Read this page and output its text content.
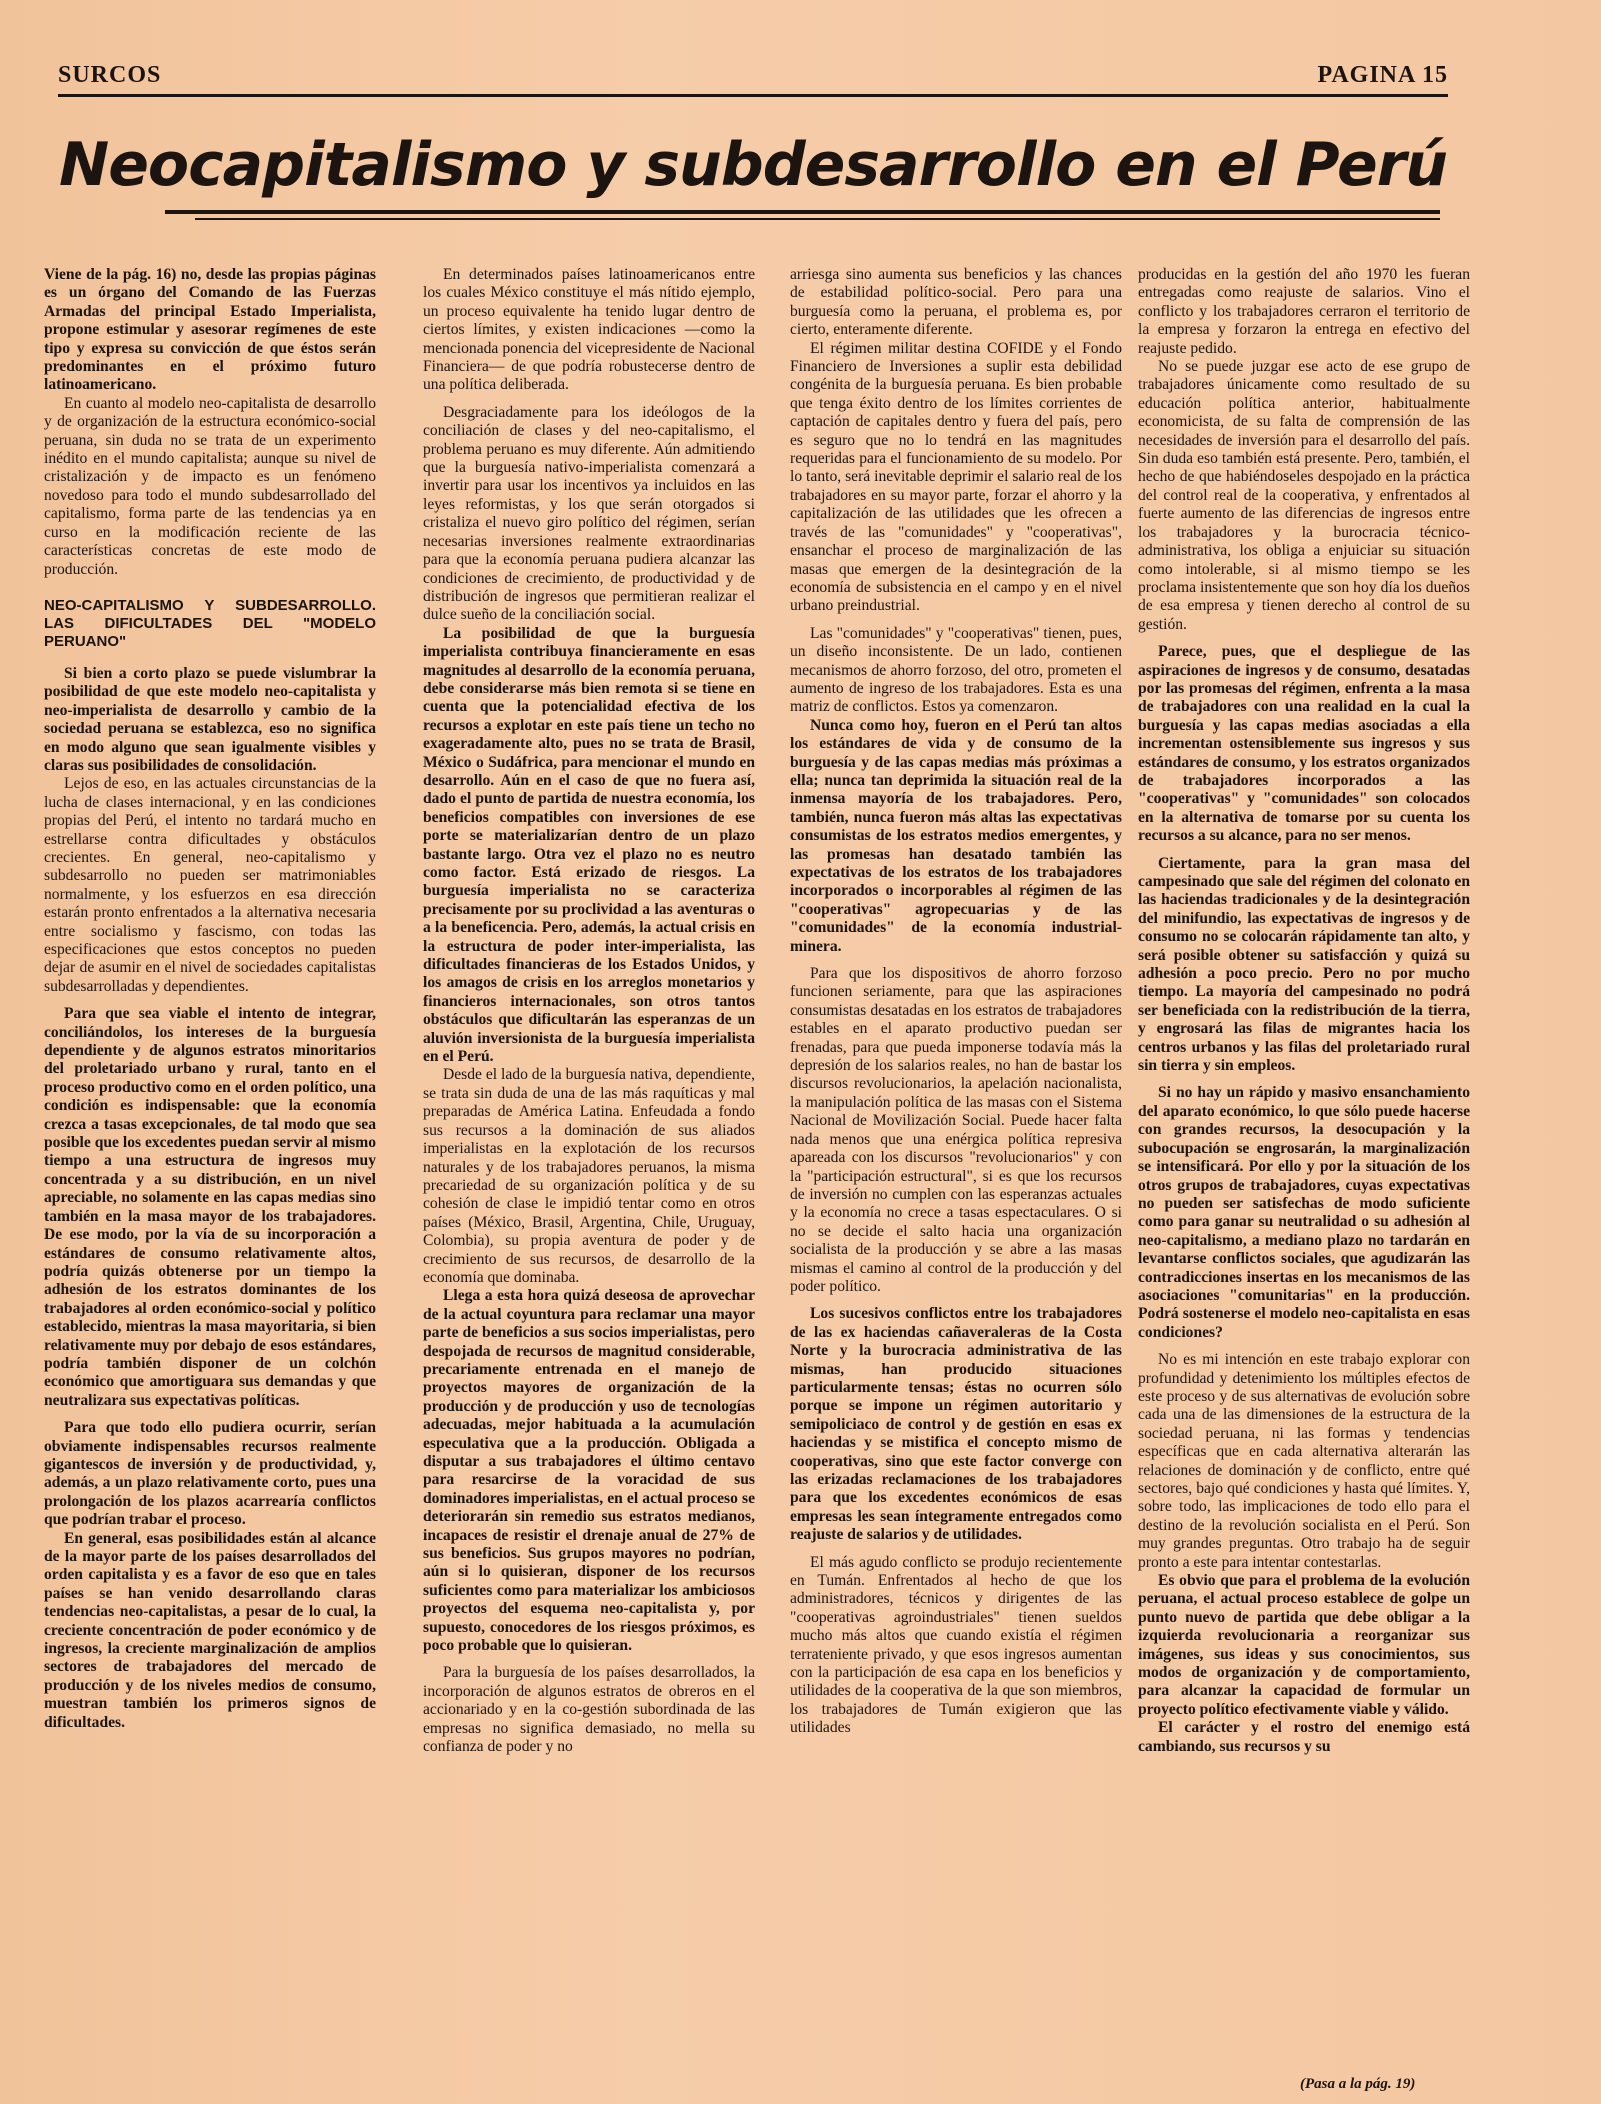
SURCOS	PAGINA 15
Neocapitalismo y subdesarrollo en el Perú

Viene de la pág. 16) no, desde las propias páginas es un órgano del Comando de las Fuerzas Armadas del principal Estado Imperialista, propone estimular y asesorar regímenes de este tipo y expresa su convicción de que éstos serán predominantes en el próximo futuro latinoamericano.

En cuanto al modelo neo-capitalista de desarrollo y de organización de la estructura económico-social peruana, sin duda no se trata de un experimento inédito en el mundo capitalista; aunque su nivel de cristalización y de impacto es un fenómeno novedoso para todo el mundo subdesarrollado del capitalismo, forma parte de las tendencias ya en curso en la modificación reciente de las características concretas de este modo de producción.

NEO-CAPITALISMO Y SUBDESARROLLO. LAS DIFICULTADES DEL "MODELO PERUANO"

Si bien a corto plazo se puede vislumbrar la posibilidad de que este modelo neo-capitalista y neo-imperialista de desarrollo y cambio de la sociedad peruana se establezca, eso no significa en modo alguno que sean igualmente visibles y claras sus posibilidades de consolidación.

Lejos de eso, en las actuales circunstancias de la lucha de clases internacional, y en las condiciones propias del Perú, el intento no tardará mucho en estrellarse contra dificultades y obstáculos crecientes. En general, neo-capitalismo y subdesarrollo no pueden ser matrimoniables normalmente, y los esfuerzos en esa dirección estarán pronto enfrentados a la alternativa necesaria entre socialismo y fascismo, con todas las especificaciones que estos conceptos no pueden dejar de asumir en el nivel de sociedades capitalistas subdesarrolladas y dependientes.

Para que sea viable el intento de integrar, conciliándolos, los intereses de la burguesía dependiente y de algunos estratos minoritarios del proletariado urbano y rural, tanto en el proceso productivo como en el orden político, una condición es indispensable: que la economía crezca a tasas excepcionales, de tal modo que sea posible que los excedentes puedan servir al mismo tiempo a una estructura de ingresos muy concentrada y a su distribución, en un nivel apreciable, no solamente en las capas medias sino también en la masa mayor de los trabajadores. De ese modo, por la vía de su incorporación a estándares de consumo relativamente altos, podría quizás obtenerse por un tiempo la adhesión de los estratos dominantes de los trabajadores al orden económico-social y político establecido, mientras la masa mayoritaria, si bien relativamente muy por debajo de esos estándares, podría también disponer de un colchón económico que amortiguara sus demandas y que neutralizara sus expectativas políticas.

Para que todo ello pudiera ocurrir, serían obviamente indispensables recursos realmente gigantescos de inversión y de productividad, y, además, a un plazo relativamente corto, pues una prolongación de los plazos acarrearía conflictos que podrían trabar el proceso.

En general, esas posibilidades están al alcance de la mayor parte de los países desarrollados del orden capitalista y es a favor de eso que en tales países se han venido desarrollando claras tendencias neo-capitalistas, a pesar de lo cual, la creciente concentración de poder económico y de ingresos, la creciente marginalización de amplios sectores de trabajadores del mercado de producción y de los niveles medios de consumo, muestran también los primeros signos de dificultades.

En determinados países latinoamericanos entre los cuales México constituye el más nítido ejemplo, un proceso equivalente ha tenido lugar dentro de ciertos límites, y existen indicaciones —como la mencionada ponencia del vicepresidente de Nacional Financiera— de que podría robustecerse dentro de una política deliberada.

Desgraciadamente para los ideólogos de la conciliación de clases y del neo-capitalismo, el problema peruano es muy diferente. Aún admitiendo que la burguesía nativo-imperialista comenzará a invertir para usar los incentivos ya incluidos en las leyes reformistas, y los que serán otorgados si cristaliza el nuevo giro político del régimen, serían necesarias inversiones realmente extraordinarias para que la economía peruana pudiera alcanzar las condiciones de crecimiento, de productividad y de distribución de ingresos que permitieran realizar el dulce sueño de la conciliación social.

La posibilidad de que la burguesía imperialista contribuya financieramente en esas magnitudes al desarrollo de la economía peruana, debe considerarse más bien remota si se tiene en cuenta que la potencialidad efectiva de los recursos a explotar en este país tiene un techo no exageradamente alto, pues no se trata de Brasil, México o Sudáfrica, para mencionar el mundo en desarrollo. Aún en el caso de que no fuera así, dado el punto de partida de nuestra economía, los beneficios compatibles con inversiones de ese porte se materializarían dentro de un plazo bastante largo. Otra vez el plazo no es neutro como factor. Está erizado de riesgos. La burguesía imperialista no se caracteriza precisamente por su proclividad a las aventuras o a la beneficencia. Pero, además, la actual crisis en la estructura de poder inter-imperialista, las dificultades financieras de los Estados Unidos, y los amagos de crisis en los arreglos monetarios y financieros internacionales, son otros tantos obstáculos que dificultarán las esperanzas de un aluvión inversionista de la burguesía imperialista en el Perú.

Desde el lado de la burguesía nativa, dependiente, se trata sin duda de una de las más raquíticas y mal preparadas de América Latina. Enfeudada a fondo sus recursos a la dominación de sus aliados imperialistas en la explotación de los recursos naturales y de los trabajadores peruanos, la misma precariedad de su organización política y de su cohesión de clase le impidió tentar como en otros países (México, Brasil, Argentina, Chile, Uruguay, Colombia), su propia aventura de poder y de crecimiento de sus recursos, de desarrollo de la economía que dominaba.

Llega a esta hora quizá deseosa de aprovechar de la actual coyuntura para reclamar una mayor parte de beneficios a sus socios imperialistas, pero despojada de recursos de magnitud considerable, precariamente entrenada en el manejo de proyectos mayores de organización de la producción y de producción y uso de tecnologías adecuadas, mejor habituada a la acumulación especulativa que a la producción. Obligada a disputar a sus trabajadores el último centavo para resarcirse de la voracidad de sus dominadores imperialistas, en el actual proceso se deteriorarán sin remedio sus estratos medianos, incapaces de resistir el drenaje anual de 27% de sus beneficios. Sus grupos mayores no podrían, aún si lo quisieran, disponer de los recursos suficientes como para materializar los ambiciosos proyectos del esquema neo-capitalista y, por supuesto, conocedores de los riesgos próximos, es poco probable que lo quisieran.

Para la burguesía de los países desarrollados, la incorporación de algunos estratos de obreros en el accionariado y en la co-gestión subordinada de las empresas no significa demasiado, no mella su confianza de poder y no

arriesga sino aumenta sus beneficios y las chances de estabilidad político-social. Pero para una burguesía como la peruana, el problema es, por cierto, enteramente diferente.

El régimen militar destina COFIDE y el Fondo Financiero de Inversiones a suplir esta debilidad congénita de la burguesía peruana. Es bien probable que tenga éxito dentro de los límites corrientes de captación de capitales dentro y fuera del país, pero es seguro que no lo tendrá en las magnitudes requeridas para el funcionamiento de su modelo. Por lo tanto, será inevitable deprimir el salario real de los trabajadores en su mayor parte, forzar el ahorro y la capitalización de las utilidades que les ofrecen a través de las "comunidades" y "cooperativas", ensanchar el proceso de marginalización de las masas que emergen de la desintegración de la economía de subsistencia en el campo y en el nivel urbano preindustrial.

Las "comunidades" y "cooperativas" tienen, pues, un diseño inconsistente. De un lado, contienen mecanismos de ahorro forzoso, del otro, prometen el aumento de ingreso de los trabajadores. Esta es una matriz de conflictos. Estos ya comenzaron.

Nunca como hoy, fueron en el Perú tan altos los estándares de vida y de consumo de la burguesía y de las capas medias más próximas a ella; nunca tan deprimida la situación real de la inmensa mayoría de los trabajadores. Pero, también, nunca fueron más altas las expectativas consumistas de los estratos medios emergentes, y las promesas han desatado también las expectativas de los estratos de los trabajadores incorporados o incorporables al régimen de las "cooperativas" agropecuarias y de las "comunidades" de la economía industrial-minera.

Para que los dispositivos de ahorro forzoso funcionen seriamente, para que las aspiraciones consumistas desatadas en los estratos de trabajadores estables en el aparato productivo puedan ser frenadas, para que pueda imponerse todavía más la depresión de los salarios reales, no han de bastar los discursos revolucionarios, la apelación nacionalista, la manipulación política de las masas con el Sistema Nacional de Movilización Social. Puede hacer falta nada menos que una enérgica política represiva apareada con los discursos "revolucionarios" y con la "participación estructural", si es que los recursos de inversión no cumplen con las esperanzas actuales y la economía no crece a tasas espectaculares. O si no se decide el salto hacia una organización socialista de la producción y se abre a las masas mismas el camino al control de la producción y del poder político.

Los sucesivos conflictos entre los trabajadores de las ex haciendas cañaveraleras de la Costa Norte y la burocracia administrativa de las mismas, han producido situaciones particularmente tensas; éstas no ocurren sólo porque se impone un régimen autoritario y semipoliciaco de control y de gestión en esas ex haciendas y se mistifica el concepto mismo de cooperativas, sino que este factor converge con las erizadas reclamaciones de los trabajadores para que los excedentes económicos de esas empresas les sean íntegramente entregados como reajuste de salarios y de utilidades.

El más agudo conflicto se produjo recientemente en Tumán. Enfrentados al hecho de que los administradores, técnicos y dirigentes de las "cooperativas agroindustriales" tienen sueldos mucho más altos que cuando existía el régimen terrateniente privado, y que esos ingresos aumentan con la participación de esa capa en los beneficios y utilidades de la cooperativa de la que son miembros, los trabajadores de Tumán exigieron que las utilidades

producidas en la gestión del año 1970 les fueran entregadas como reajuste de salarios. Vino el conflicto y los trabajadores cerraron el territorio de la empresa y forzaron la entrega en efectivo del reajuste pedido.

No se puede juzgar ese acto de ese grupo de trabajadores únicamente como resultado de su educación política anterior, habitualmente economicista, de su falta de comprensión de las necesidades de inversión para el desarrollo del país. Sin duda eso también está presente. Pero, también, el hecho de que habiéndoseles despojado en la práctica del control real de la cooperativa, y enfrentados al fuerte aumento de las diferencias de ingresos entre los trabajadores y la burocracia técnico- administrativa, los obliga a enjuiciar su situación como intolerable, si al mismo tiempo se les proclama insistentemente que son hoy día los dueños de esa empresa y tienen derecho al control de su gestión.

Parece, pues, que el despliegue de las aspiraciones de ingresos y de consumo, desatadas por las promesas del régimen, enfrenta a la masa de trabajadores con una realidad en la cual la burguesía y las capas medias asociadas a ella incrementan ostensiblemente sus ingresos y sus estándares de consumo, y los estratos organizados de trabajadores incorporados a las "cooperativas" y "comunidades" son colocados en la alternativa de tomarse por su cuenta los recursos a su alcance, para no ser menos.

Ciertamente, para la gran masa del campesinado que sale del régimen del colonato en las haciendas tradicionales y de la desintegración del minifundio, las expectativas de ingresos y de consumo no se colocarán rápidamente tan alto, y será posible obtener su satisfacción y quizá su adhesión a poco precio. Pero no por mucho tiempo. La mayoría del campesinado no podrá ser beneficiada con la redistribución de la tierra, y engrosará las filas de migrantes hacia los centros urbanos y las filas del proletariado rural sin tierra y sin empleos.

Si no hay un rápido y masivo ensanchamiento del aparato económico, lo que sólo puede hacerse con grandes recursos, la desocupación y la subocupación se engrosarán, la marginalización se intensificará. Por ello y por la situación de los otros grupos de trabajadores, cuyas expectativas no pueden ser satisfechas de modo suficiente como para ganar su neutralidad o su adhesión al neo-capitalismo, a mediano plazo no tardarán en levantarse conflictos sociales, que agudizarán las contradicciones insertas en los mecanismos de las asociaciones "comunitarias" en la producción. Podrá sostenerse el modelo neo-capitalista en esas condiciones?

No es mi intención en este trabajo explorar con profundidad y detenimiento los múltiples efectos de este proceso y de sus alternativas de evolución sobre cada una de las dimensiones de la estructura de la sociedad peruana, ni las formas y tendencias específicas que en cada alternativa alterarán las relaciones de dominación y de conflicto, entre qué sectores, bajo qué condiciones y hasta qué límites. Y, sobre todo, las implicaciones de todo ello para el destino de la revolución socialista en el Perú. Son muy grandes preguntas. Otro trabajo ha de seguir pronto a este para intentar contestarlas.

Es obvio que para el problema de la evolución peruana, el actual proceso establece de golpe un punto nuevo de partida que debe obligar a la izquierda revolucionaria a reorganizar sus imágenes, sus ideas y sus conocimientos, sus modos de organización y de comportamiento, para alcanzar la capacidad de formular un proyecto político efectivamente viable y válido.

El carácter y el rostro del enemigo está cambiando, sus recursos y su

(Pasa a la pág. 19)
